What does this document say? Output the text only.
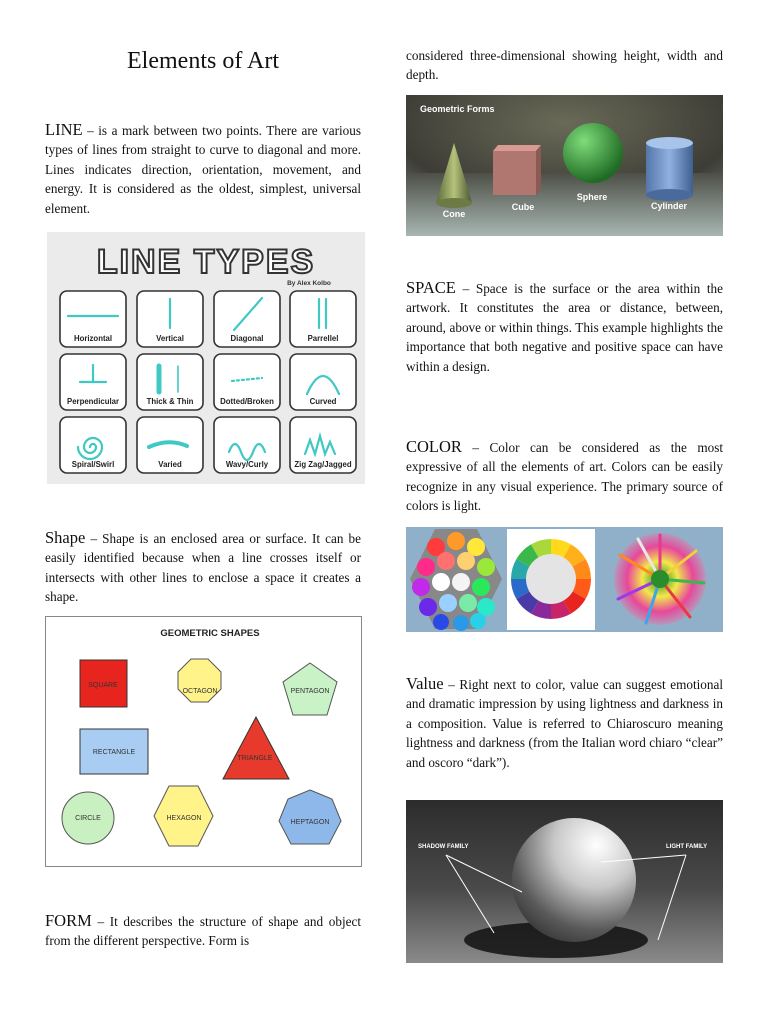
Elements of Art

LINE – is a mark between two points. There are various types of lines from straight to curve to diagonal and more. Lines indicates direction, orientation, movement, and energy. It is considered as the oldest, simplest, universal element.

LINE TYPES
By Alex Kolbo
Horizontal	Vertical	Diagonal	Parrellel
Perpendicular	Thick & Thin	Dotted/Broken	Curved
Spiral/Swirl	Varied	Wavy/Curly	Zig Zag/Jagged

Shape – Shape is an enclosed area or surface. It can be easily identified because when a line crosses itself or intersects with other lines to enclose a space it creates a shape.

GEOMETRIC SHAPES
SQUARE
OCTAGON	PENTAGON
RECTANGLE
TRIANGLE
CIRCLE	HEXAGON
HEPTAGON

FORM – It describes the structure of shape and object from the different perspective. Form is

considered three-dimensional showing height, width and depth.

Geometric Forms
Cone
Cube
Sphere
Cylinder

SPACE – Space is the surface or the area within the artwork. It constitutes the area or distance, between, around, above or within things. This example highlights the importance that both negative and positive space can have within a design.

COLOR – Color can be considered as the most expressive of all the elements of art. Colors can be easily recognize in any visual experience. The primary source of colors is light.

Value – Right next to color, value can suggest emotional and dramatic impression by using lightness and darkness in a composition. Value is referred to Chiaroscuro meaning lightness and darkness (from the Italian word chiaro “clear” and oscoro “dark”).

SHADOW FAMILY	LIGHT FAMILY
